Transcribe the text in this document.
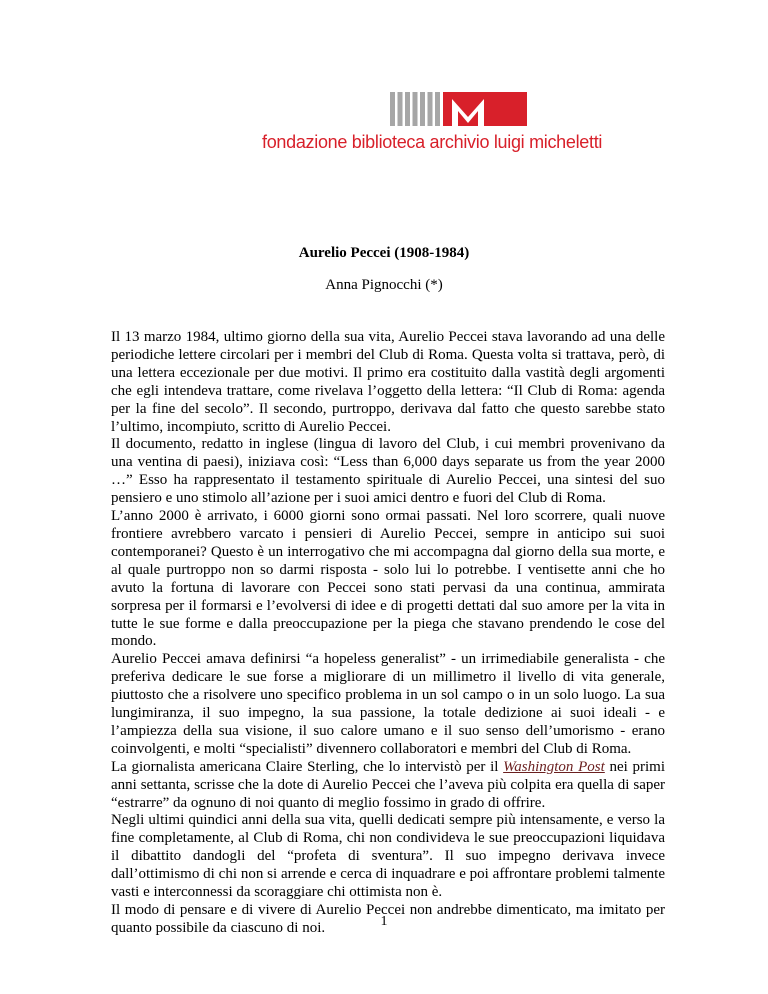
fondazione biblioteca archivio luigi micheletti
Aurelio Peccei (1908-1984)
Anna Pignocchi (*)

Il 13 marzo 1984, ultimo giorno della sua vita, Aurelio Peccei stava lavorando ad una delle periodiche lettere circolari per i membri del Club di Roma. Questa volta si trattava, però, di una lettera eccezionale per due motivi. Il primo era costituito dalla vastità degli argomenti che egli intendeva trattare, come rivelava l’oggetto della lettera: “Il Club di Roma: agenda per la fine del secolo”. Il secondo, purtroppo, derivava dal fatto che questo sarebbe stato l’ultimo, incompiuto, scritto di Aurelio Peccei.

Il documento, redatto in inglese (lingua di lavoro del Club, i cui membri provenivano da una ventina di paesi), iniziava così: “Less than 6,000 days separate us from the year 2000 …” Esso ha rappresentato il testamento spirituale di Aurelio Peccei, una sintesi del suo pensiero e uno stimolo all’azione per i suoi amici dentro e fuori del Club di Roma.

L’anno 2000 è arrivato, i 6000 giorni sono ormai passati. Nel loro scorrere, quali nuove frontiere avrebbero varcato i pensieri di Aurelio Peccei, sempre in anticipo sui suoi contemporanei? Questo è un interrogativo che mi accompagna dal giorno della sua morte, e al quale purtroppo non so darmi risposta - solo lui lo potrebbe. I ventisette anni che ho avuto la fortuna di lavorare con Peccei sono stati pervasi da una continua, ammirata sorpresa per il formarsi e l’evolversi di idee e di progetti dettati dal suo amore per la vita in tutte le sue forme e dalla preoccupazione per la piega che stavano prendendo le cose del mondo.

Aurelio Peccei amava definirsi “a hopeless generalist” - un irrimediabile generalista - che preferiva dedicare le sue forse a migliorare di un millimetro il livello di vita generale, piuttosto che a risolvere uno specifico problema in un sol campo o in un solo luogo. La sua lungimiranza, il suo impegno, la sua passione, la totale dedizione ai suoi ideali - e l’ampiezza della sua visione, il suo calore umano e il suo senso dell’umorismo - erano coinvolgenti, e molti “specialisti” divennero collaboratori e membri del Club di Roma.

La giornalista americana Claire Sterling, che lo intervistò per il Washington Post nei primi anni settanta, scrisse che la dote di Aurelio Peccei che l’aveva più colpita era quella di saper “estrarre” da ognuno di noi quanto di meglio fossimo in grado di offrire.

Negli ultimi quindici anni della sua vita, quelli dedicati sempre più intensamente, e verso la fine completamente, al Club di Roma, chi non condivideva le sue preoccupazioni liquidava il dibattito dandogli del “profeta di sventura”. Il suo impegno derivava invece dall’ottimismo di chi non si arrende e cerca di inquadrare e poi affrontare problemi talmente vasti e interconnessi da scoraggiare chi ottimista non è.

Il modo di pensare e di vivere di Aurelio Peccei non andrebbe dimenticato, ma imitato per quanto possibile da ciascuno di noi.	1
